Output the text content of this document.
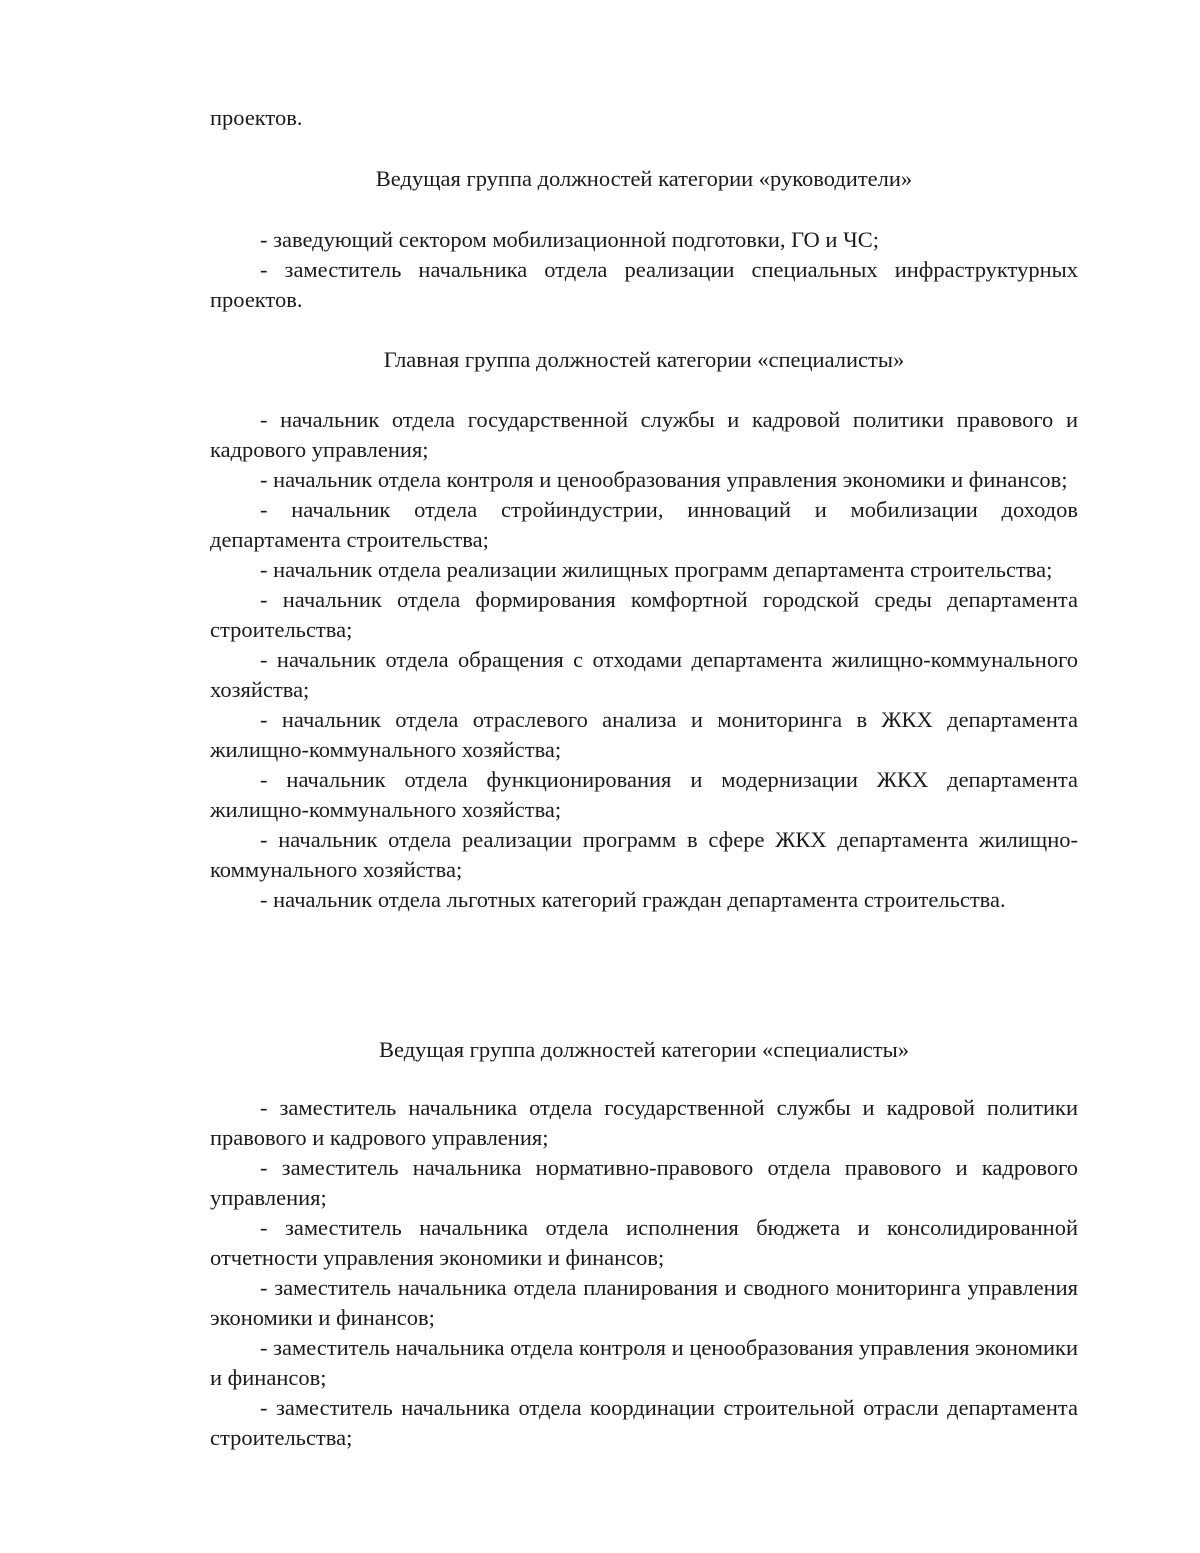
проектов.

Ведущая группа должностей категории «руководители»

- заведующий сектором мобилизационной подготовки, ГО и ЧС;

- заместитель начальника отдела реализации специальных инфраструктурных проектов.

Главная группа должностей категории «специалисты»

- начальник отдела государственной службы и кадровой политики правового и кадрового управления;

- начальник отдела контроля и ценообразования управления экономики и финансов;

- начальник отдела стройиндустрии, инноваций и мобилизации доходов департамента строительства;

- начальник отдела реализации жилищных программ департамента строительства;

- начальник отдела формирования комфортной городской среды департамента строительства;

- начальник отдела обращения с отходами департамента жилищно-коммунального хозяйства;

- начальник отдела отраслевого анализа и мониторинга в ЖКХ департамента жилищно-коммунального хозяйства;

- начальник отдела функционирования и модернизации ЖКХ департамента жилищно-коммунального хозяйства;

- начальник отдела реализации программ в сфере ЖКХ департамента жилищно-коммунального хозяйства;

- начальник отдела льготных категорий граждан департамента строительства.

Ведущая группа должностей категории «специалисты»

- заместитель начальника отдела государственной службы и кадровой политики правового и кадрового управления;

- заместитель начальника нормативно-правового отдела правового и кадрового управления;

- заместитель начальника отдела исполнения бюджета и консолидированной отчетности управления экономики и финансов;

- заместитель начальника отдела планирования и сводного мониторинга управления экономики и финансов;

- заместитель начальника отдела контроля и ценообразования управления экономики и финансов;

- заместитель начальника отдела координации строительной отрасли департамента строительства;
